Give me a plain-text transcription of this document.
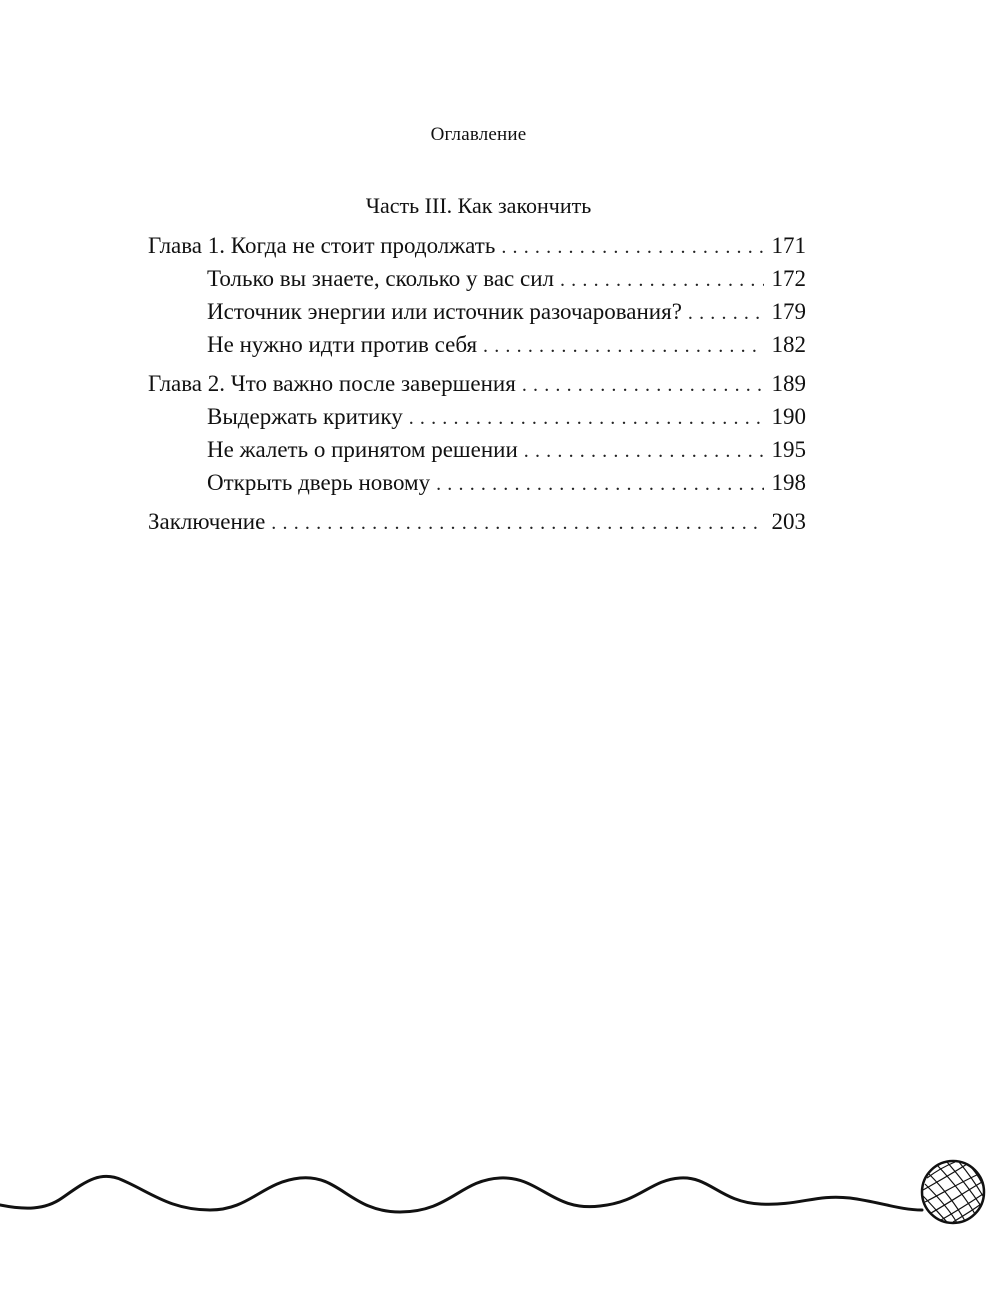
Оглавление
Часть III. Как закончить
Глава 1. Когда не стоит продолжать . . .	171
Только вы знаете, сколько у вас сил . . .	172
Источник энергии или источник разочарования? . . .	179
Не нужно идти против себя . . .	182
Глава 2. Что важно после завершения . . .	189
Выдержать критику . . .	190
Не жалеть о принятом решении . . .	195
Открыть дверь новому . . .	198
Заключение . . .	203
